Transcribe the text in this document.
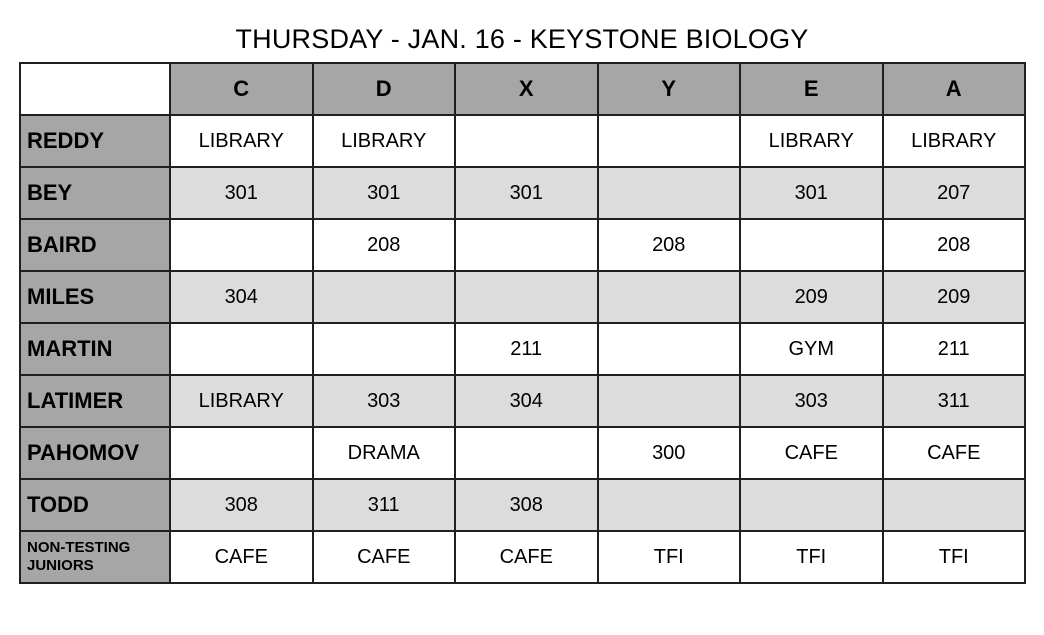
THURSDAY - JAN. 16 - KEYSTONE BIOLOGY
	C	D	X	Y	E	A
REDDY	LIBRARY	LIBRARY			LIBRARY	LIBRARY
BEY	301	301	301		301	207
BAIRD		208		208		208
MILES	304				209	209
MARTIN			211		GYM	211
LATIMER	LIBRARY	303	304		303	311
PAHOMOV		DRAMA		300	CAFE	CAFE
TODD	308	311	308			
NON-TESTING JUNIORS	CAFE	CAFE	CAFE	TFI	TFI	TFI
